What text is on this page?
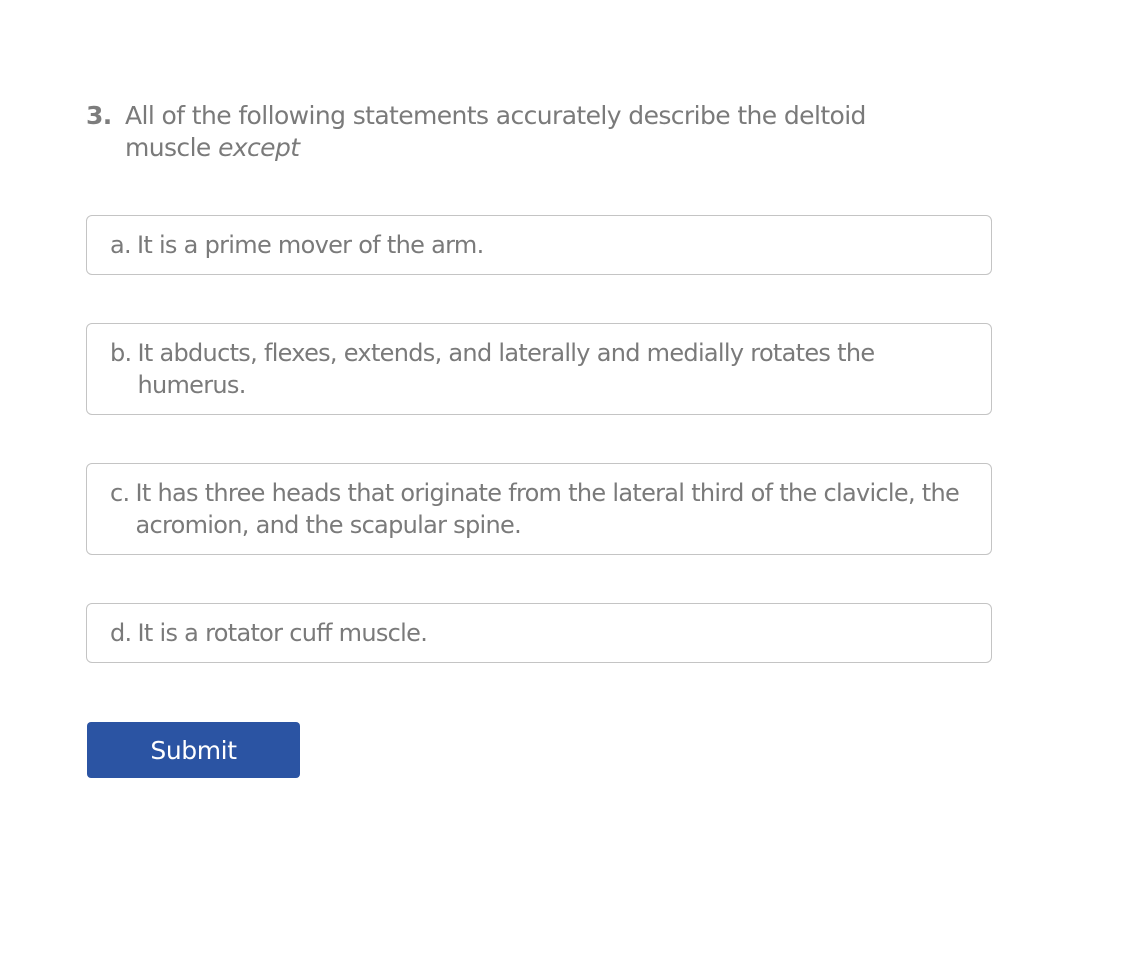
3. All of the following statements accurately describe the deltoid muscle except
a. It is a prime mover of the arm.
b. It abducts, flexes, extends, and laterally and medially rotates the humerus.
c. It has three heads that originate from the lateral third of the clavicle, the acromion, and the scapular spine.
d. It is a rotator cuff muscle.
Submit
